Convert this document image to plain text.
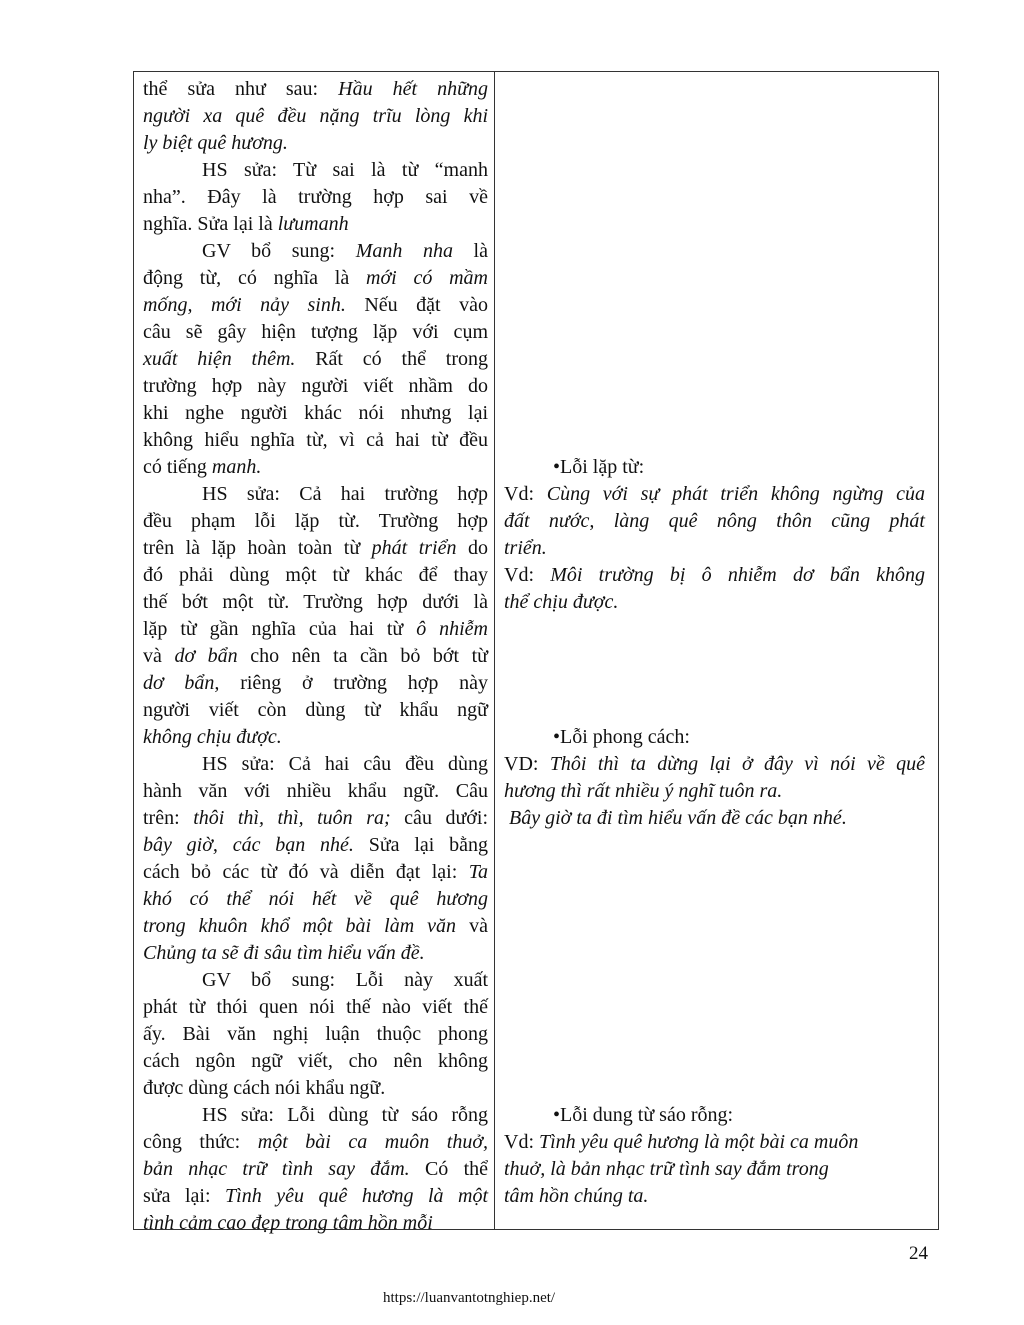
thể sửa như sau: Hầu hết những
người xa quê đều nặng trĩu lòng khi
ly biệt quê hương.
HS sửa: Từ sai là từ “manh
nha”. Đây là trường hợp sai về
nghĩa. Sửa lại là lưumanh
GV bổ sung: Manh nha là
động từ, có nghĩa là mới có mầm
mống, mới nảy sinh. Nếu đặt vào
câu sẽ gây hiện tượng lặp với cụm
xuất hiện thêm. Rất có thể trong
trường hợp này người viết nhầm do
khi nghe người khác nói nhưng lại
không hiểu nghĩa từ, vì cả hai từ đều
có tiếng manh.
HS sửa: Cả hai trường hợp
đều phạm lỗi lặp từ. Trường hợp
trên là lặp hoàn toàn từ phát triển do
đó phải dùng một từ khác để thay
thế bớt một từ. Trường hợp dưới là
lặp từ gần nghĩa của hai từ ô nhiễm
và dơ bẩn cho nên ta cần bỏ bớt từ
dơ bẩn, riêng ở trường hợp này
người viết còn dùng từ khẩu ngữ
không chịu được.
HS sửa: Cả hai câu đều dùng
hành văn với nhiều khẩu ngữ. Câu
trên: thôi thì, thì, tuôn ra; câu dưới:
bây giờ, các bạn nhé. Sửa lại bằng
cách bỏ các từ đó và diễn đạt lại: Ta
khó có thể nói hết về quê hương
trong khuôn khổ một bài làm văn và
Chủng ta sẽ đi sâu tìm hiểu vấn đề.
GV bổ sung: Lỗi này xuất
phát từ thói quen nói thế nào viết thế
ấy. Bài văn nghị luận thuộc phong
cách ngôn ngữ viết, cho nên không
được dùng cách nói khẩu ngữ.
HS sửa: Lỗi dùng từ sáo rỗng
công thức: một bài ca muôn thuở,
bản nhạc trữ tình say đắm. Có thể
sửa lại: Tình yêu quê hương là một
tình cảm cao đẹp trong tâm hồn mỗi
•Lỗi lặp từ:
Vd: Cùng với sự phát triển không ngừng của
đất nước, làng quê nông thôn cũng phát
triển.
Vd: Môi trường bị ô nhiễm dơ bẩn không
thể chịu được.
•Lỗi phong cách:
VD: Thôi thì ta dừng lại ở đây vì nói về quê
hương thì rất nhiều ý nghĩ tuôn ra.
Bây giờ ta đi tìm hiểu vấn đề các bạn nhé.
•Lỗi dung từ sáo rỗng:
Vd: Tình yêu quê hương là một bài ca muôn
thuở, là bản nhạc trữ tình say đắm trong
tâm hồn chúng ta.
24
https://luanvantotnghiep.net/
